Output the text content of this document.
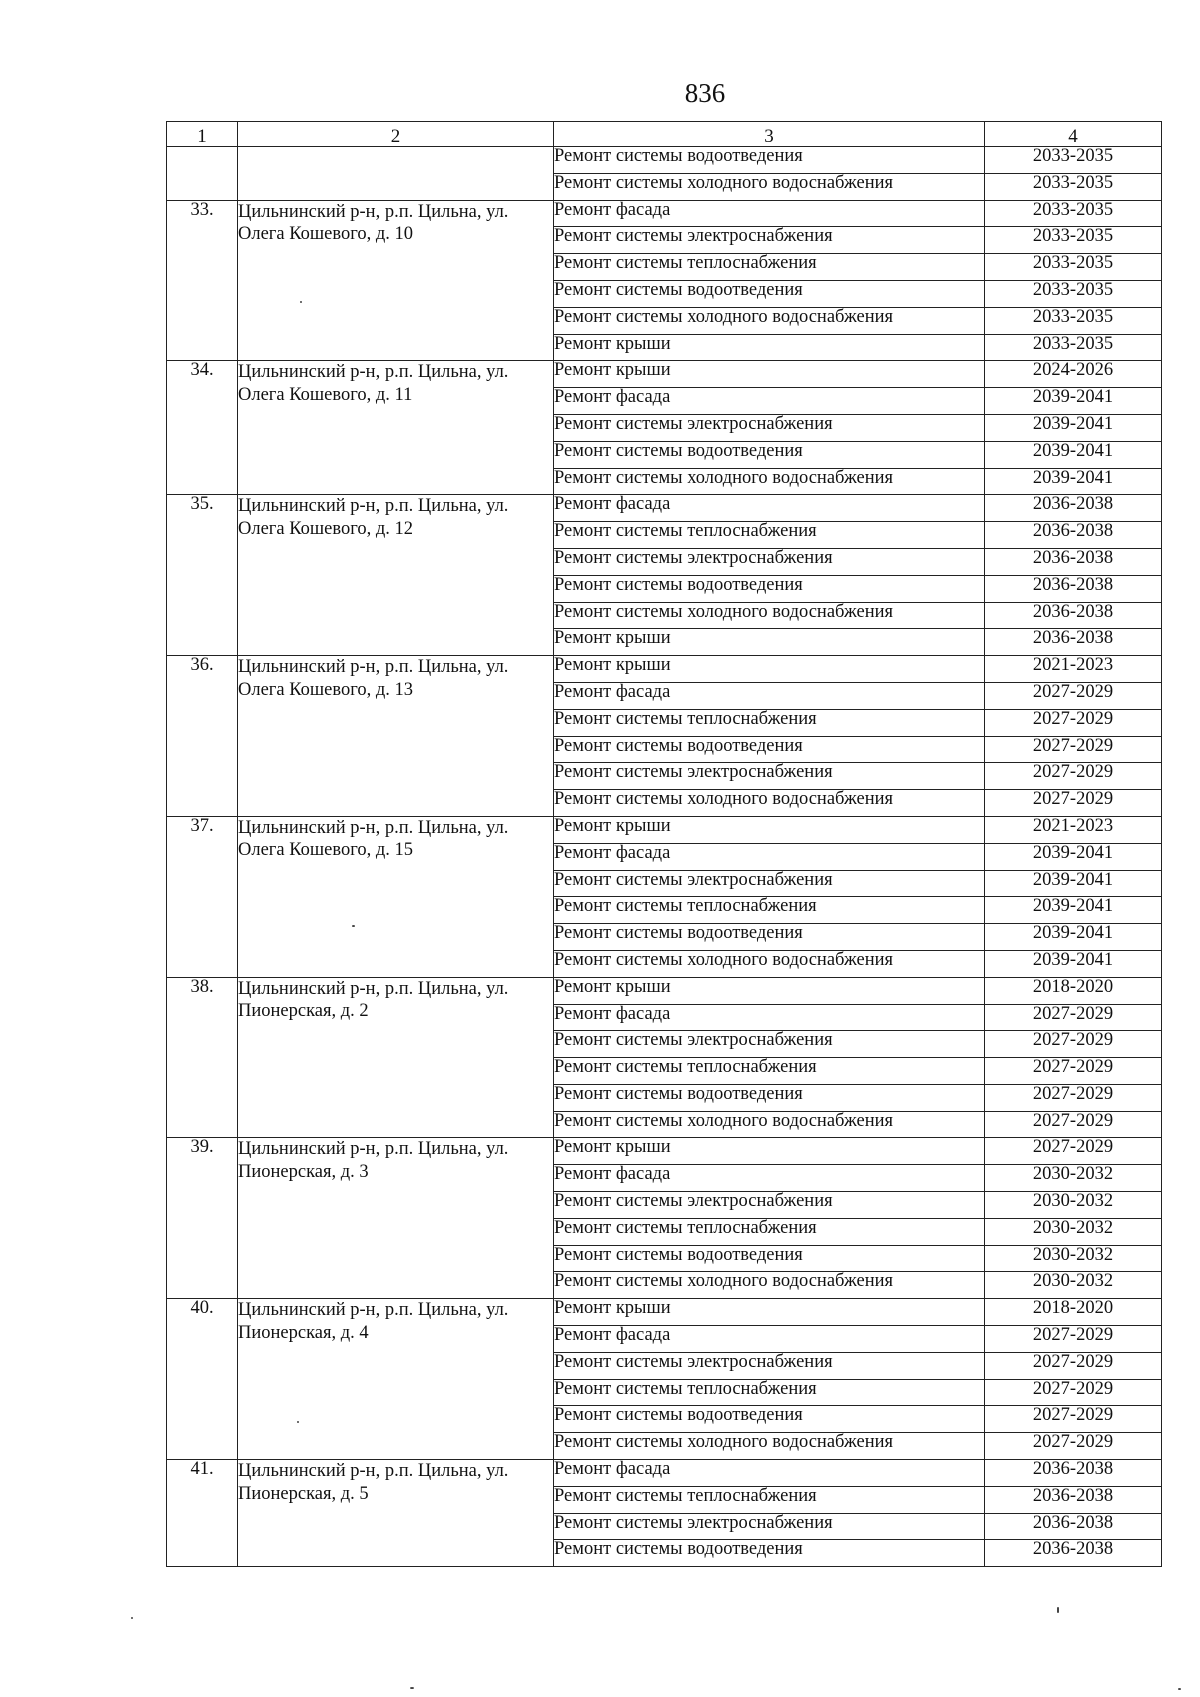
836
1	2	3	4
		Ремонт системы водоотведения	2033-2035
		Ремонт системы холодного водоснабжения	2033-2035
33.	Цильнинский р-н, р.п. Цильна, ул. Олега Кошевого, д. 10	Ремонт фасада	2033-2035
		Ремонт системы электроснабжения	2033-2035
		Ремонт системы теплоснабжения	2033-2035
		Ремонт системы водоотведения	2033-2035
		Ремонт системы холодного водоснабжения	2033-2035
		Ремонт крыши	2033-2035
34.	Цильнинский р-н, р.п. Цильна, ул. Олега Кошевого, д. 11	Ремонт крыши	2024-2026
		Ремонт фасада	2039-2041
		Ремонт системы электроснабжения	2039-2041
		Ремонт системы водоотведения	2039-2041
		Ремонт системы холодного водоснабжения	2039-2041
35.	Цильнинский р-н, р.п. Цильна, ул. Олега Кошевого, д. 12	Ремонт фасада	2036-2038
		Ремонт системы теплоснабжения	2036-2038
		Ремонт системы электроснабжения	2036-2038
		Ремонт системы водоотведения	2036-2038
		Ремонт системы холодного водоснабжения	2036-2038
		Ремонт крыши	2036-2038
36.	Цильнинский р-н, р.п. Цильна, ул. Олега Кошевого, д. 13	Ремонт крыши	2021-2023
		Ремонт фасада	2027-2029
		Ремонт системы теплоснабжения	2027-2029
		Ремонт системы водоотведения	2027-2029
		Ремонт системы электроснабжения	2027-2029
		Ремонт системы холодного водоснабжения	2027-2029
37.	Цильнинский р-н, р.п. Цильна, ул. Олега Кошевого, д. 15	Ремонт крыши	2021-2023
		Ремонт фасада	2039-2041
		Ремонт системы электроснабжения	2039-2041
		Ремонт системы теплоснабжения	2039-2041
		Ремонт системы водоотведения	2039-2041
		Ремонт системы холодного водоснабжения	2039-2041
38.	Цильнинский р-н, р.п. Цильна, ул. Пионерская, д. 2	Ремонт крыши	2018-2020
		Ремонт фасада	2027-2029
		Ремонт системы электроснабжения	2027-2029
		Ремонт системы теплоснабжения	2027-2029
		Ремонт системы водоотведения	2027-2029
		Ремонт системы холодного водоснабжения	2027-2029
39.	Цильнинский р-н, р.п. Цильна, ул. Пионерская, д. 3	Ремонт крыши	2027-2029
		Ремонт фасада	2030-2032
		Ремонт системы электроснабжения	2030-2032
		Ремонт системы теплоснабжения	2030-2032
		Ремонт системы водоотведения	2030-2032
		Ремонт системы холодного водоснабжения	2030-2032
40.	Цильнинский р-н, р.п. Цильна, ул. Пионерская, д. 4	Ремонт крыши	2018-2020
		Ремонт фасада	2027-2029
		Ремонт системы электроснабжения	2027-2029
		Ремонт системы теплоснабжения	2027-2029
		Ремонт системы водоотведения	2027-2029
		Ремонт системы холодного водоснабжения	2027-2029
41.	Цильнинский р-н, р.п. Цильна, ул. Пионерская, д. 5	Ремонт фасада	2036-2038
		Ремонт системы теплоснабжения	2036-2038
		Ремонт системы электроснабжения	2036-2038
		Ремонт системы водоотведения	2036-2038
